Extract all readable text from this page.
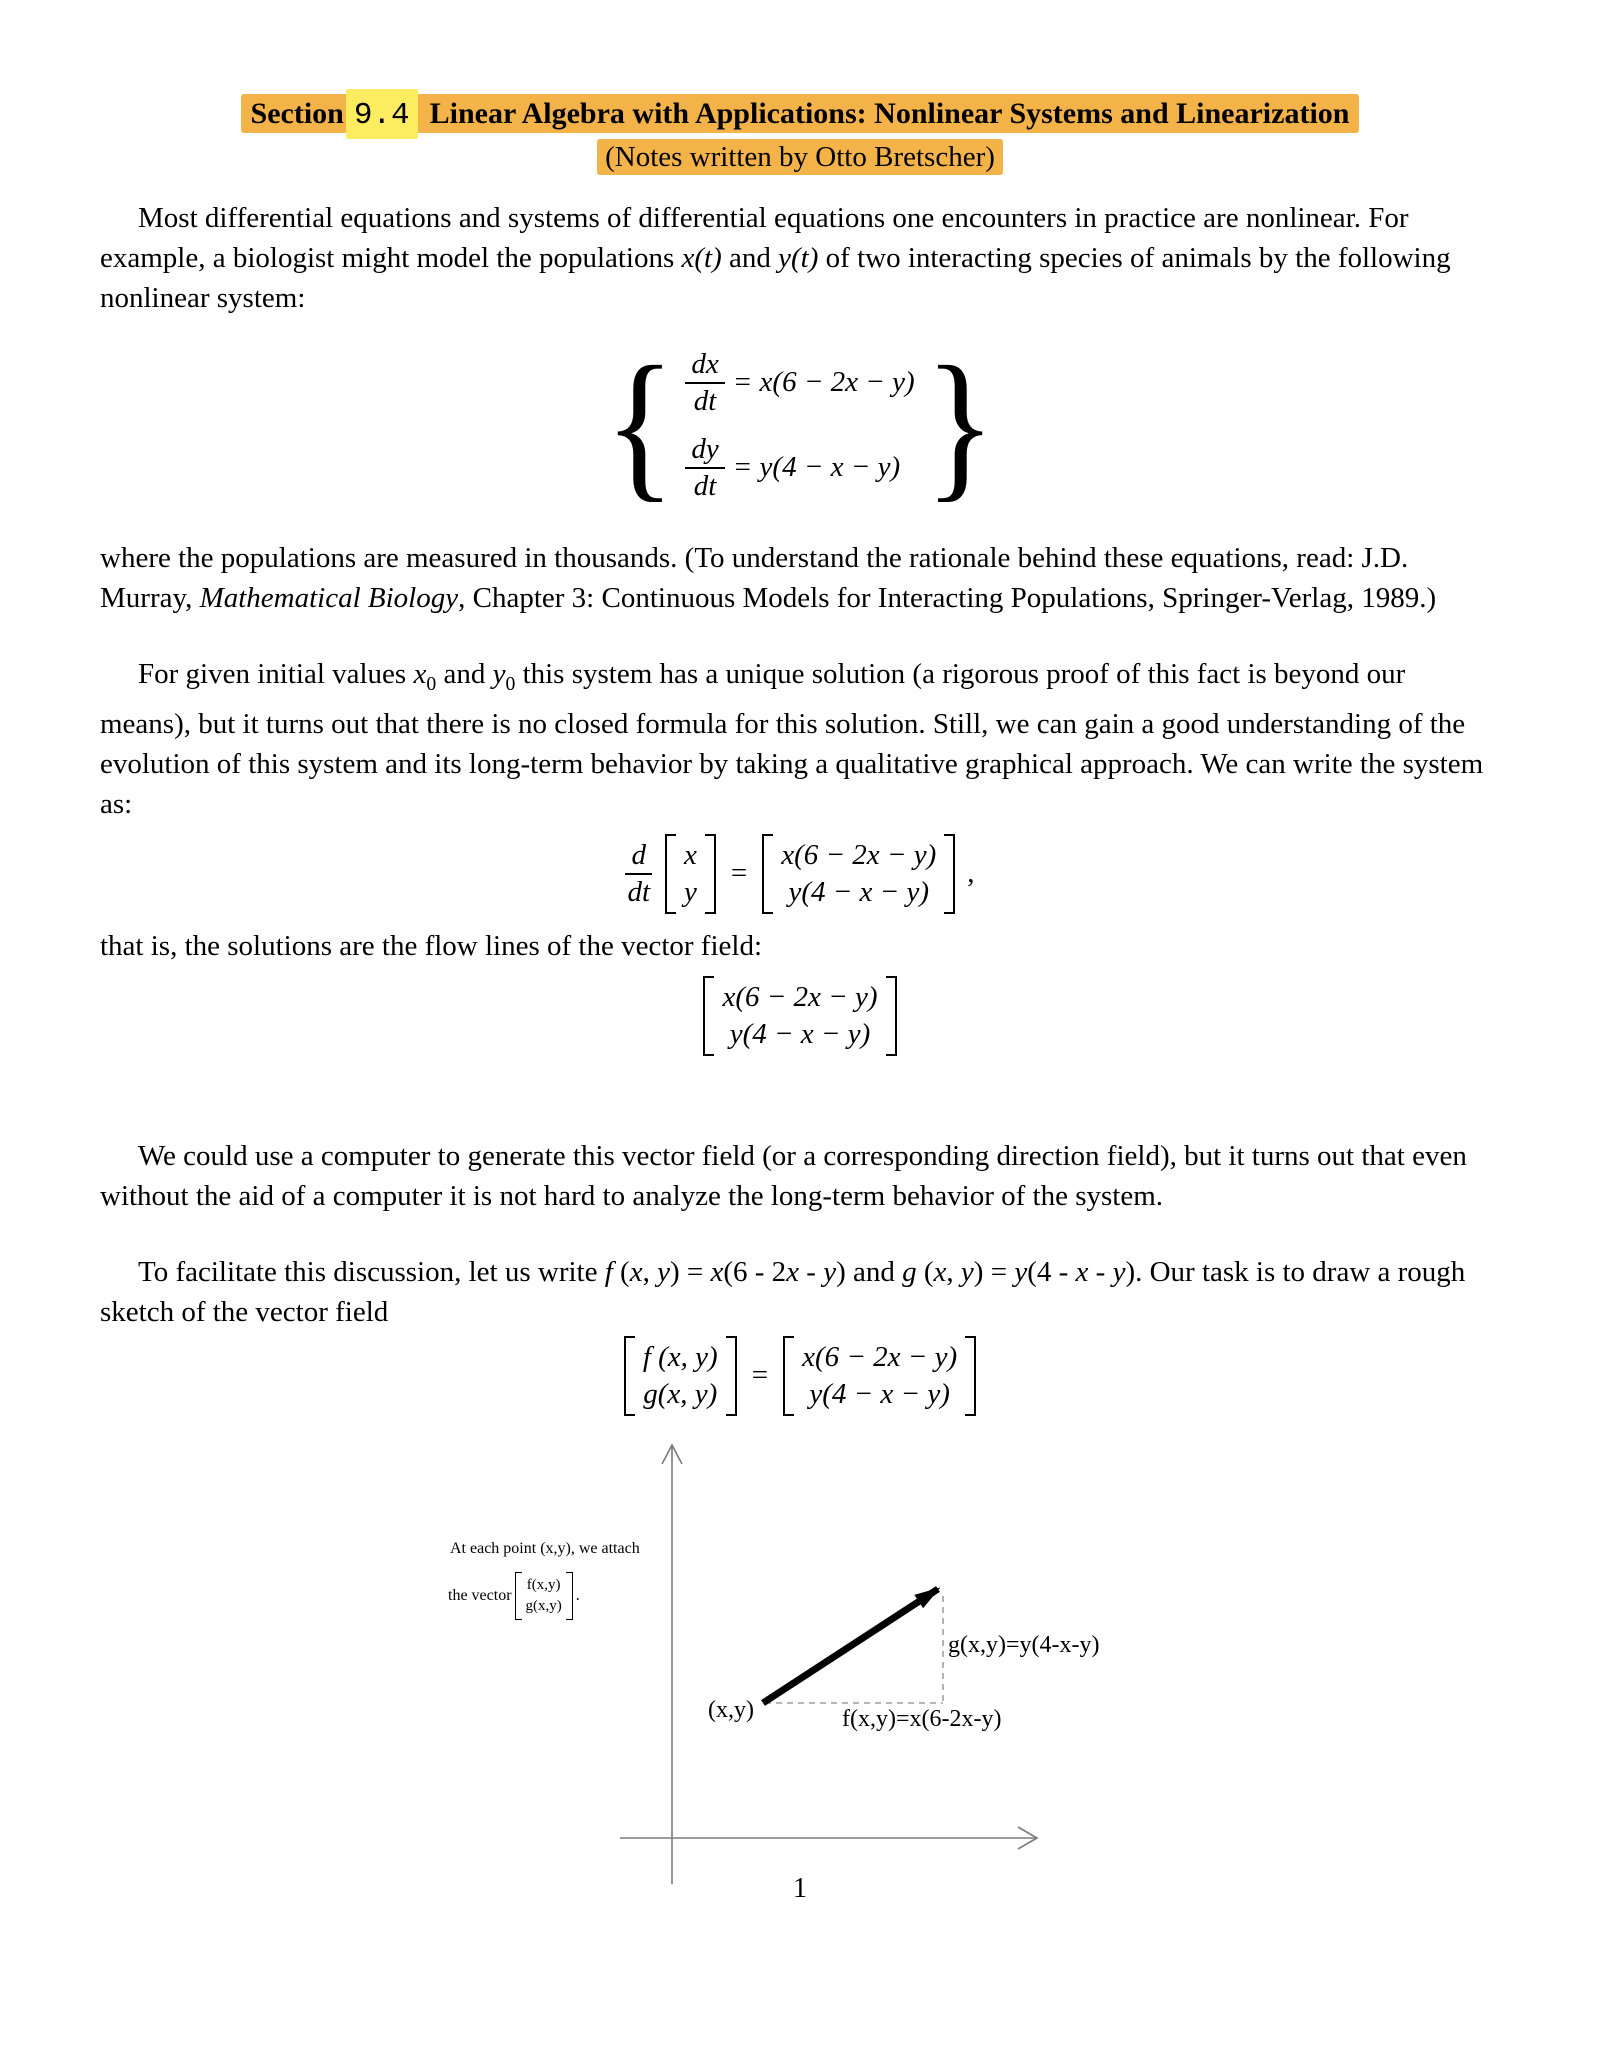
Section 9.4 Linear Algebra with Applications: Nonlinear Systems and Linearization
(Notes written by Otto Bretscher)

Most differential equations and systems of differential equations one encounters in practice are nonlinear. For example, a biologist might model the populations x(t) and y(t) of two interacting species of animals by the following nonlinear system:

{ $\frac{dx}{dt} = x(6 - 2x - y)$
$\frac{dy}{dt} = y(4 - x - y)$ }

where the populations are measured in thousands. (To understand the rationale behind these equations, read: J.D. Murray, Mathematical Biology, Chapter 3: Continuous Models for Interacting Populations, Springer-Verlag, 1989.)

For given initial values $x_0$ and $y_0$ this system has a unique solution (a rigorous proof of this fact is beyond our means), but it turns out that there is no closed formula for this solution. Still, we can gain a good understanding of the evolution of this system and its long-term behavior by taking a qualitative graphical approach. We can write the system as:

$\frac{d}{dt}$ x
y
=
x(6 − 2x − y)
y(4 − x − y)
,

that is, the solutions are the flow lines of the vector field:

x(6 − 2x − y)
y(4 − x − y)

We could use a computer to generate this vector field (or a corresponding direction field), but it turns out that even without the aid of a computer it is not hard to analyze the long-term behavior of the system.

To facilitate this discussion, let us write f (x, y) = x(6 - 2x - y) and g (x, y) = y(4 - x - y). Our task is to draw a rough sketch of the vector field

f (x, y)
g(x, y)
=
x(6 − 2x − y)
y(4 − x − y)
At each point (x,y), we attach
the vector
f(x,y)
g(x,y)
.
(x,y)	f(x,y)=x(6-2x-y)
g(x,y)=y(4-x-y)
1
